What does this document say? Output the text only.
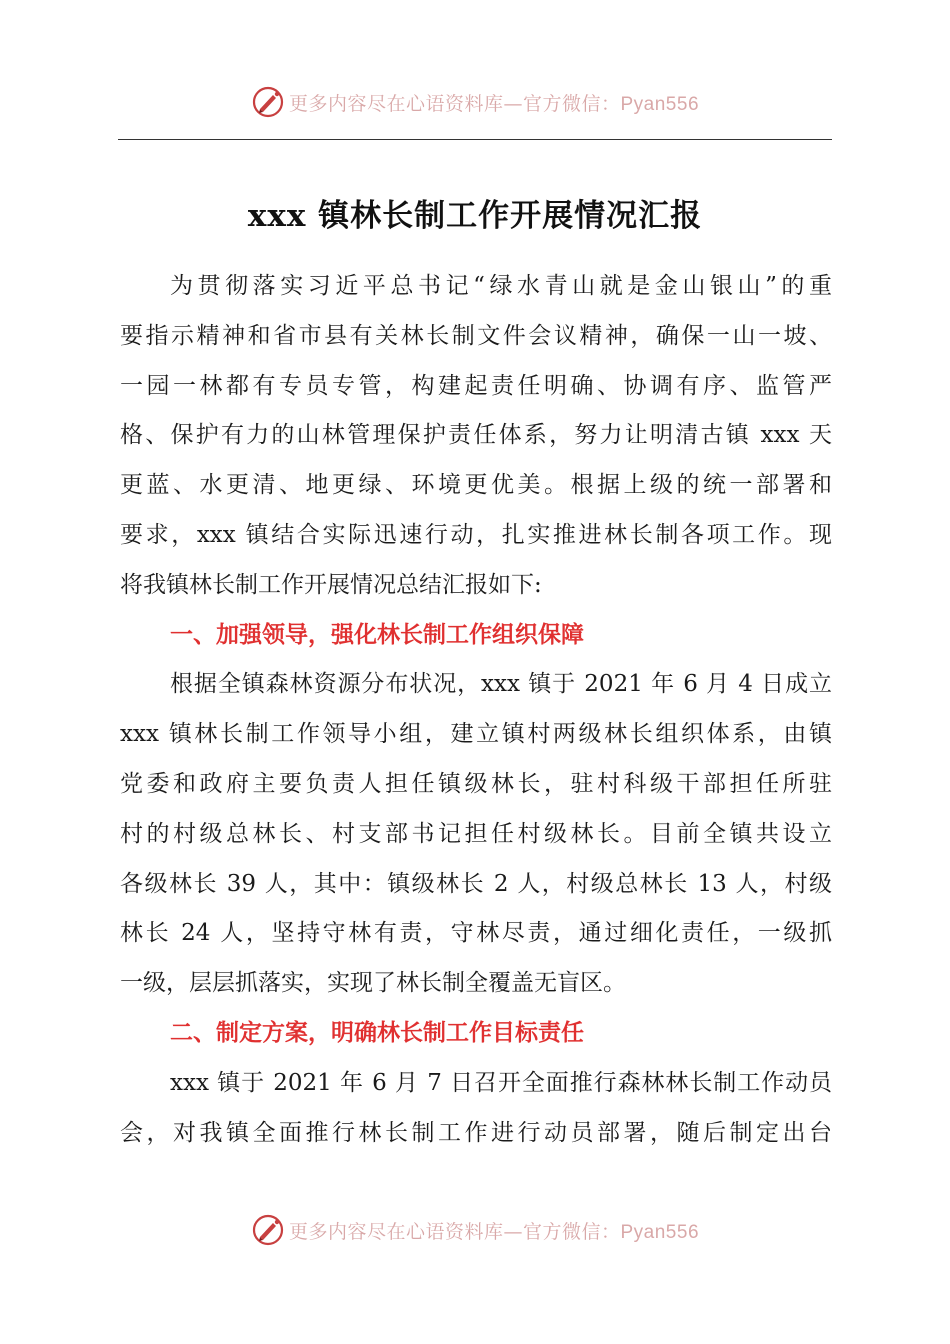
更多内容尽在心语资料库—官方微信：Pyan556
xxx 镇林长制工作开展情况汇报
为贯彻落实习近平总书记“绿水青山就是金山银山”的重
要指示精神和省市县有关林长制文件会议精神，确保一山一坡、
一园一林都有专员专管，构建起责任明确、协调有序、监管严
格、保护有力的山林管理保护责任体系，努力让明清古镇 xxx 天
更蓝、水更清、地更绿、环境更优美。根据上级的统一部署和
要求，xxx 镇结合实际迅速行动，扎实推进林长制各项工作。现
将我镇林长制工作开展情况总结汇报如下:
一、加强领导，强化林长制工作组织保障
根据全镇森林资源分布状况，xxx 镇于 2021 年 6 月 4 日成立
xxx 镇林长制工作领导小组，建立镇村两级林长组织体系，由镇
党委和政府主要负责人担任镇级林长，驻村科级干部担任所驻
村的村级总林长、村支部书记担任村级林长。目前全镇共设立
各级林长 39 人，其中：镇级林长 2 人，村级总林长 13 人，村级
林长 24 人，坚持守林有责，守林尽责，通过细化责任，一级抓
一级，层层抓落实，实现了林长制全覆盖无盲区。
二、制定方案，明确林长制工作目标责任
xxx 镇于 2021 年 6 月 7 日召开全面推行森林林长制工作动员
会，对我镇全面推行林长制工作进行动员部署，随后制定出台
更多内容尽在心语资料库—官方微信：Pyan556
